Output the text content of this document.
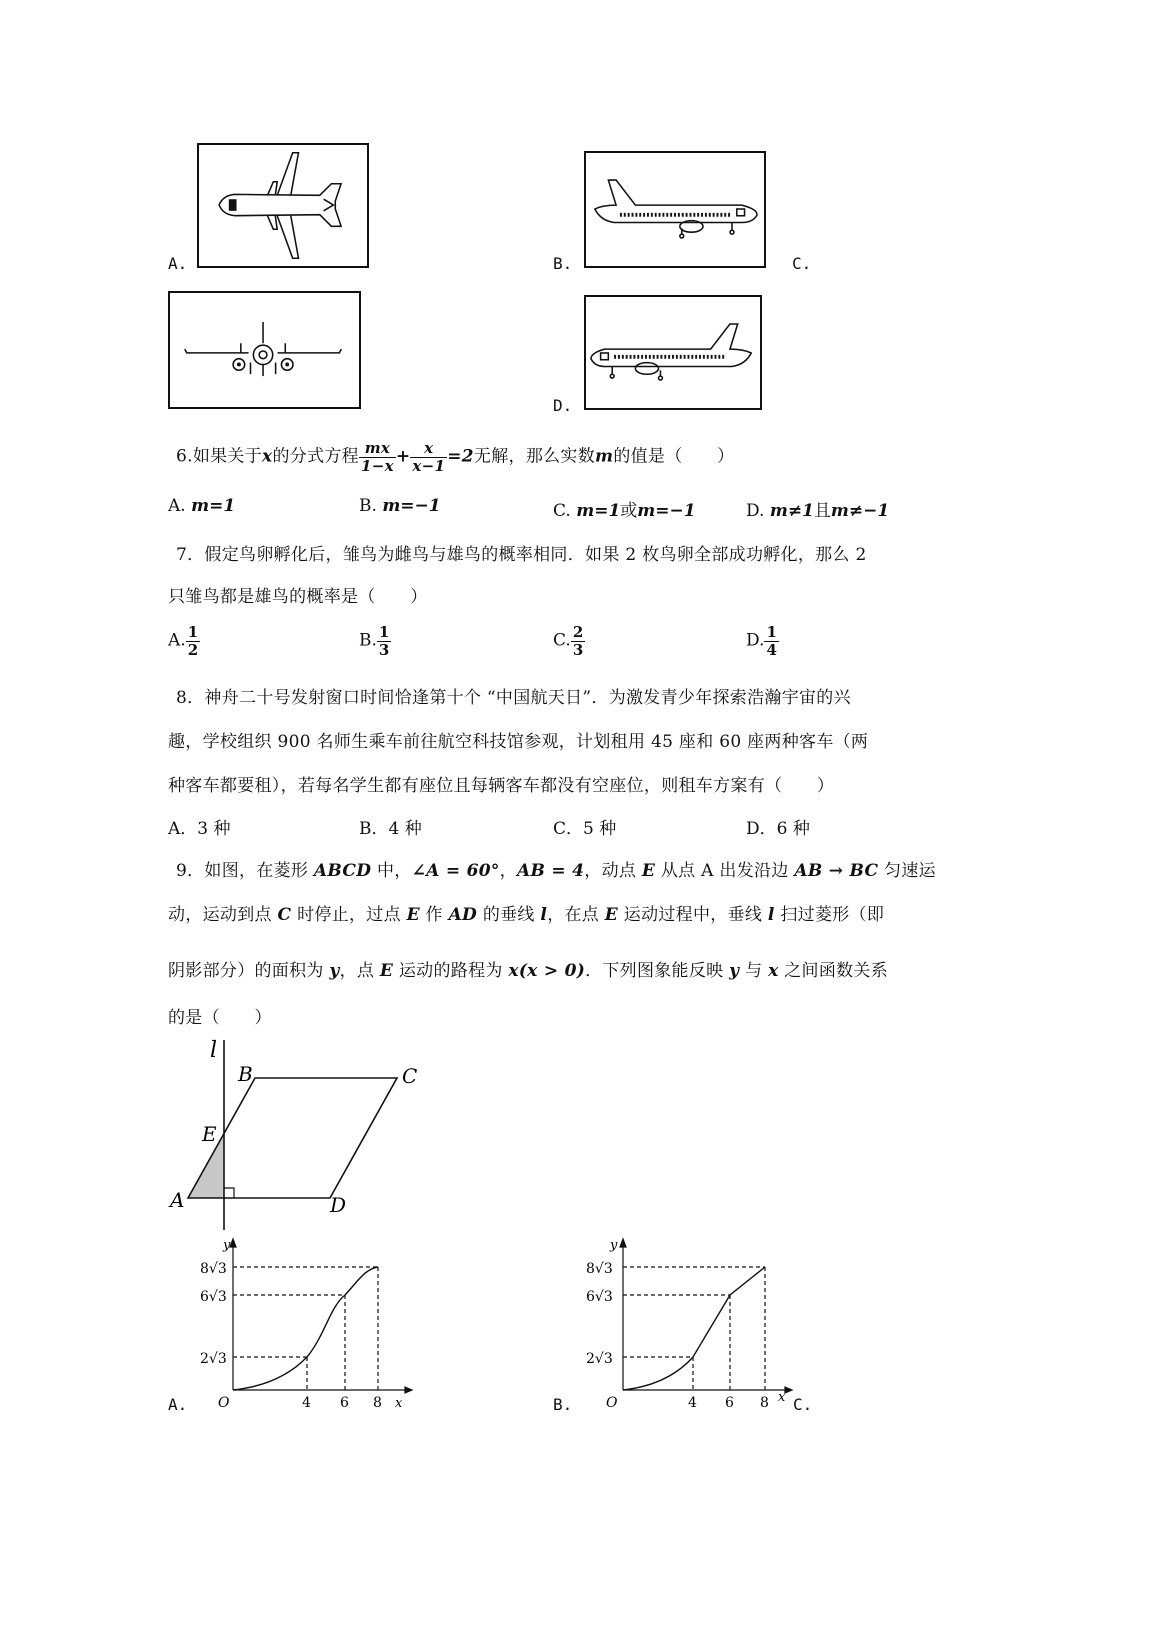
A.	B.	C.
D.
6.如果关于x的分式方程 $\frac{mx}{1-x} + \frac{x}{x-1} =2$无解，那么实数m的值是（　　）
A. m=1	B. m=−1	C. m=1或m=−1	D. m≠1且m≠−1
7．假定鸟卵孵化后，雏鸟为雌鸟与雄鸟的概率相同．如果 2 枚鸟卵全部成功孵化，那么 2
只雏鸟都是雄鸟的概率是（　　）
A. $\frac{1}{2}$	B. $\frac{1}{3}$	C. $\frac{2}{3}$	D. $\frac{1}{4}$
8．神舟二十号发射窗口时间恰逢第十个 “中国航天日”．为激发青少年探索浩瀚宇宙的兴
趣，学校组织 900 名师生乘车前往航空科技馆参观，计划租用 45 座和 60 座两种客车（两
种客车都要租），若每名学生都有座位且每辆客车都没有空座位，则租车方案有（　　）
A．3 种	B．4 种	C．5 种	D．6 种
9．如图，在菱形 ABCD 中，∠A = 60°，AB = 4，动点 E 从点 A 出发沿边 AB → BC 匀速运
动，运动到点 C 时停止，过点 E 作 AD 的垂线 l，在点 E 运动过程中，垂线 l 扫过菱形（即
阴影部分）的面积为 y，点 E 运动的路程为 x(x > 0)．下列图象能反映 y 与 x 之间函数关系
的是（　　）
l
B	C
E
A	D
y
8√3
6√3
2√3
O	4 6 8 x
A.
y
8√3
6√3
2√3
O	4 6 8 x
B.	C.
